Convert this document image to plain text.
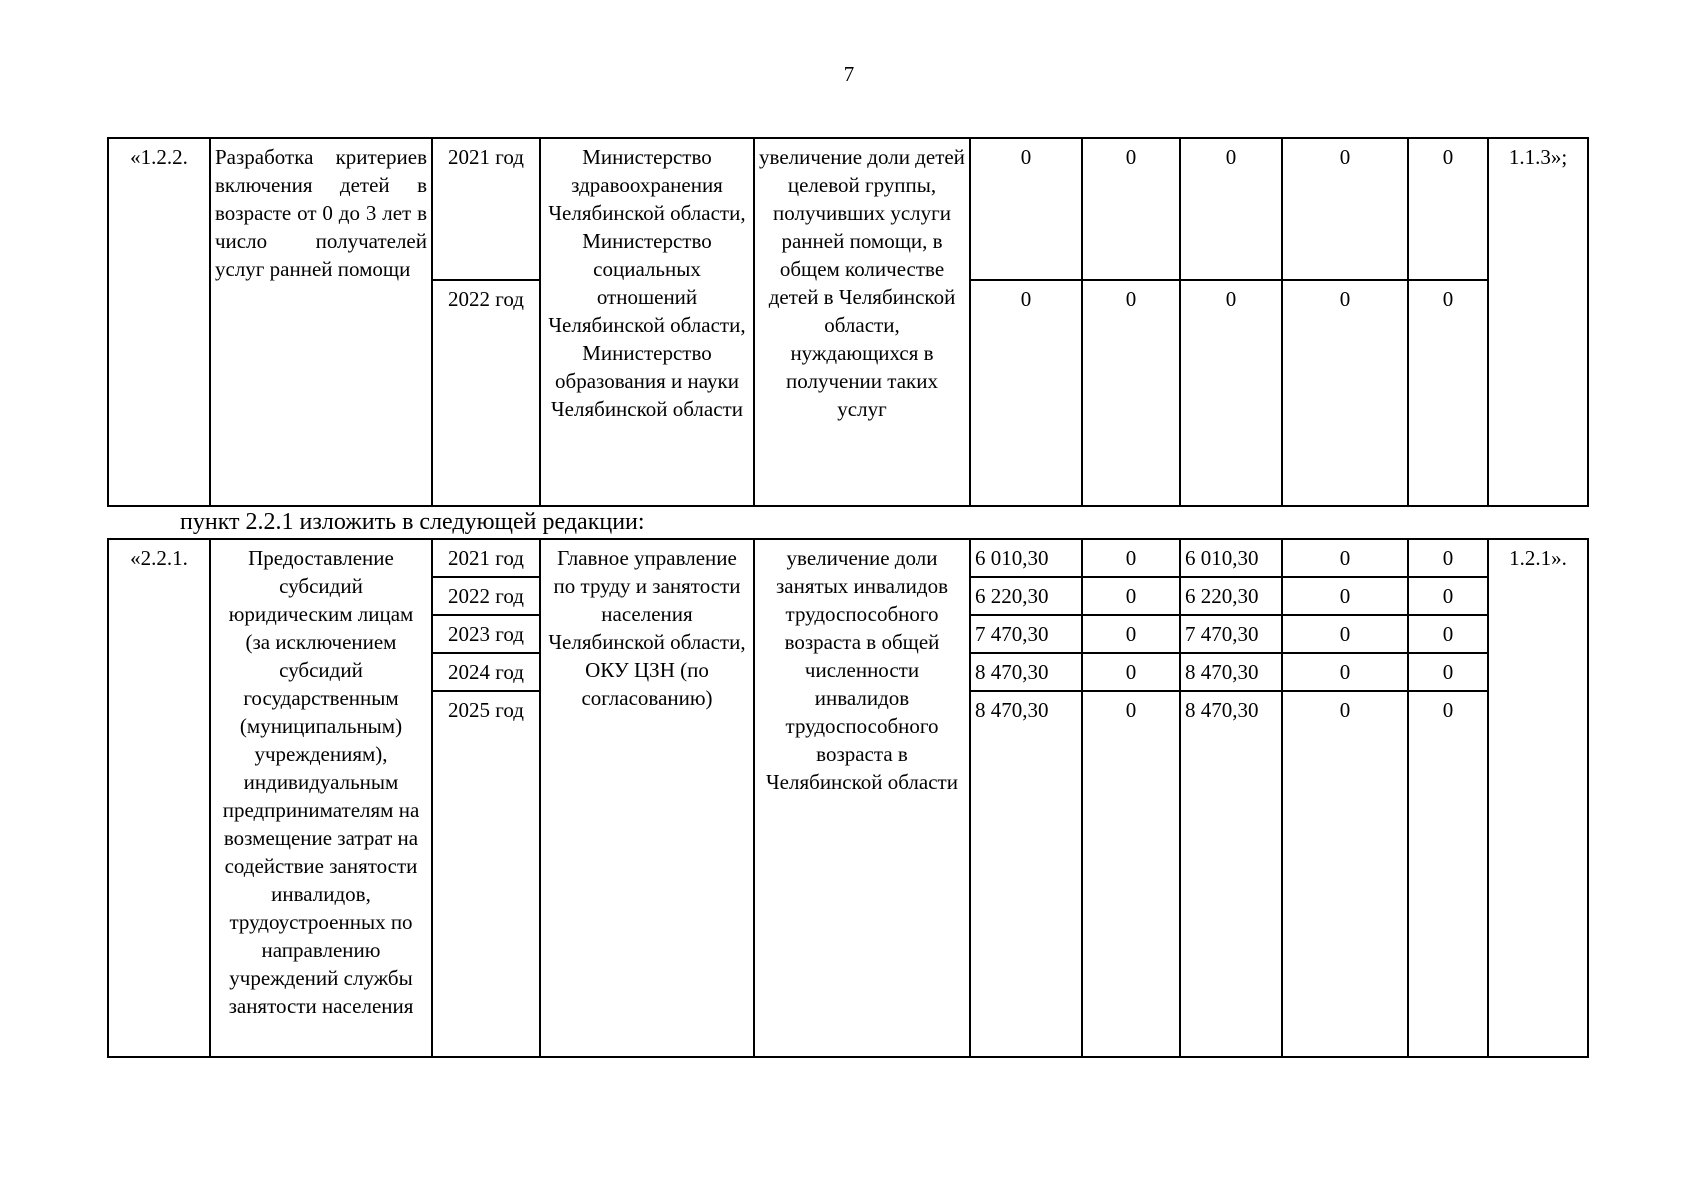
7
«1.2.2.	Разработка критериев включения детей в возрасте от 0 до 3 лет в число получателей услуг ранней помощи	2021 год	Министерство здравоохранения Челябинской области, Министерство социальных отношений Челябинской области, Министерство образования и науки Челябинской области	увеличение доли детей целевой группы, получивших услуги ранней помощи, в общем количестве детей в Челябинской области, нуждающихся в получении таких услуг	0	0	0	0	0	1.1.3»;
		2022 год			0	0	0	0	0	
пункт 2.2.1 изложить в следующей редакции:
«2.2.1.	Предоставление субсидий юридическим лицам (за исключением субсидий государственным (муниципальным) учреждениям), индивидуальным предпринимателям на возмещение затрат на содействие занятости инвалидов, трудоустроенных по направлению учреждений службы занятости населения	2021 год	Главное управление по труду и занятости населения Челябинской области, ОКУ ЦЗН (по согласованию)	увеличение доли занятых инвалидов трудоспособного возраста в общей численности инвалидов трудоспособного возраста в Челябинской области	6 010,30	0	6 010,30	0	0	1.2.1».
		2022 год			6 220,30	0	6 220,30	0	0	
		2023 год			7 470,30	0	7 470,30	0	0	
		2024 год			8 470,30	0	8 470,30	0	0	
		2025 год			8 470,30	0	8 470,30	0	0	
